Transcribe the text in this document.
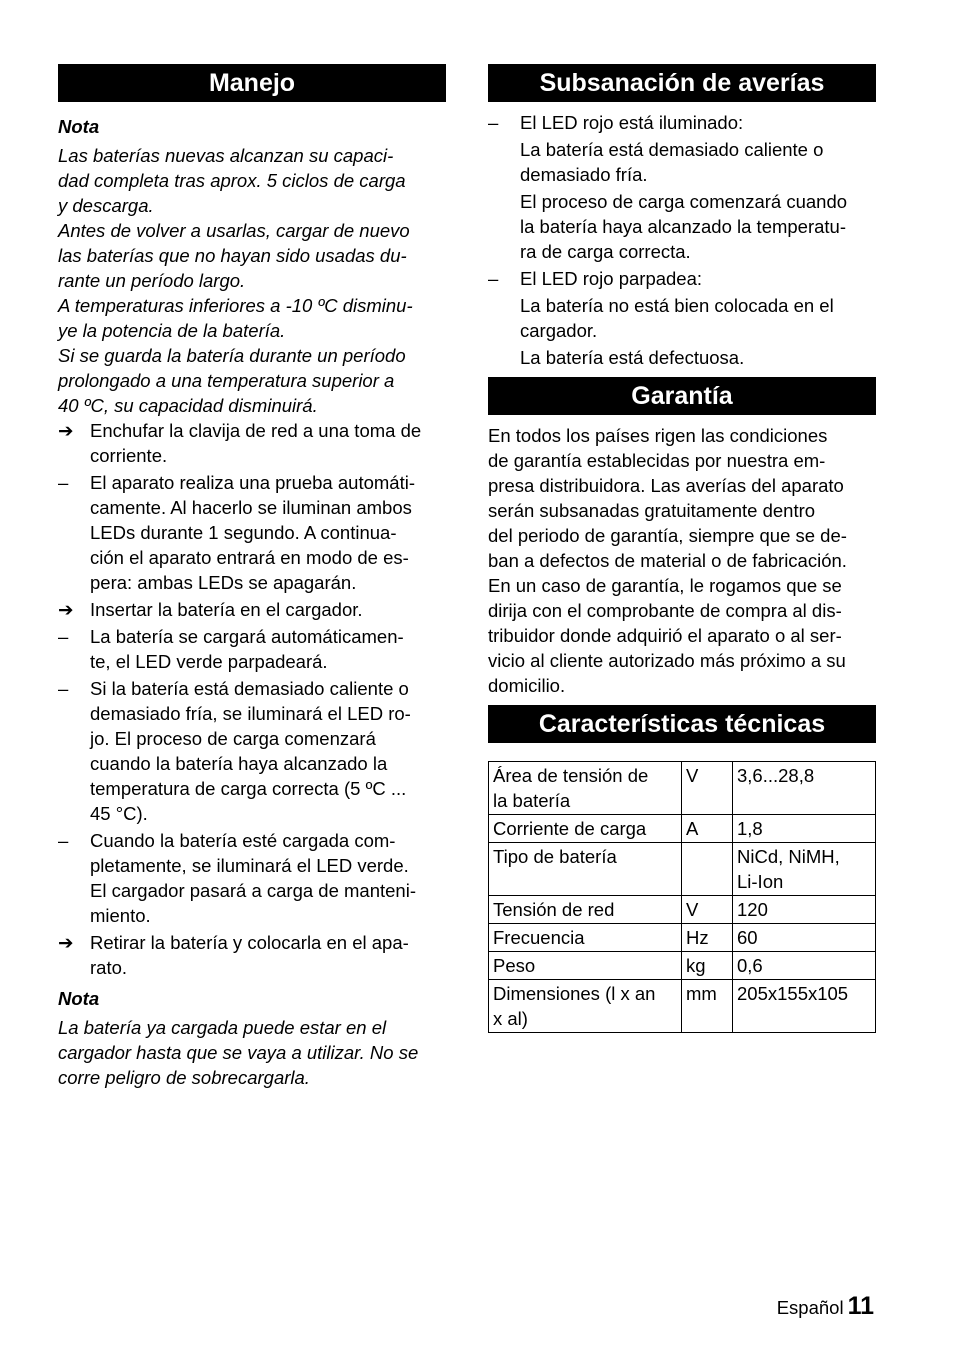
Manejo
Nota
Las baterías nuevas alcanzan su capaci-
dad completa tras aprox. 5 ciclos de carga
y descarga.
Antes de volver a usarlas, cargar de nuevo
las baterías que no hayan sido usadas du-
rante un período largo.
A temperaturas inferiores a -10 ºC disminu-
ye la potencia de la batería.
Si se guarda la batería durante un período
prolongado a una temperatura superior a
40 ºC, su capacidad disminuirá.
➔ Enchufar la clavija de red a una toma de
corriente.
–	El aparato realiza una prueba automáti-
camente. Al hacerlo se iluminan ambos
LEDs durante 1 segundo. A continua-
ción el aparato entrará en modo de es-
pera: ambas LEDs se apagarán.
➔ Insertar la batería en el cargador.
–	La batería se cargará automáticamen-
te, el LED verde parpadeará.
–	Si la batería está demasiado caliente o
demasiado fría, se iluminará el LED ro-
jo. El proceso de carga comenzará
cuando la batería haya alcanzado la
temperatura de carga correcta (5 ºC ...
45 °C).
–	Cuando la batería esté cargada com-
pletamente, se iluminará el LED verde.
El cargador pasará a carga de manteni-
miento.
➔ Retirar la batería y colocarla en el apa-
rato.
Nota
La batería ya cargada puede estar en el
cargador hasta que se vaya a utilizar. No se
corre peligro de sobrecargarla.
Subsanación de averías
–	El LED rojo está iluminado:
La batería está demasiado caliente o
demasiado fría.
El proceso de carga comenzará cuando
la batería haya alcanzado la temperatu-
ra de carga correcta.
–	El LED rojo parpadea:
La batería no está bien colocada en el
cargador.
La batería está defectuosa.
Garantía
En todos los países rigen las condiciones
de garantía establecidas por nuestra em-
presa distribuidora. Las averías del aparato
serán subsanadas gratuitamente dentro
del periodo de garantía, siempre que se de-
ban a defectos de material o de fabricación.
En un caso de garantía, le rogamos que se
dirija con el comprobante de compra al dis-
tribuidor donde adquirió el aparato o al ser-
vicio al cliente autorizado más próximo a su
domicilio.
Características técnicas
Área de tensión de
la batería	V	3,6...28,8

Corriente de carga	A	1,8

Tipo de batería		NiCd, NiMH,
Li-Ion

Tensión de red	V	120

Frecuencia	Hz	60

Peso	kg	0,6

Dimensiones (l x an
x al)	mm	205x155x105
Español 11
